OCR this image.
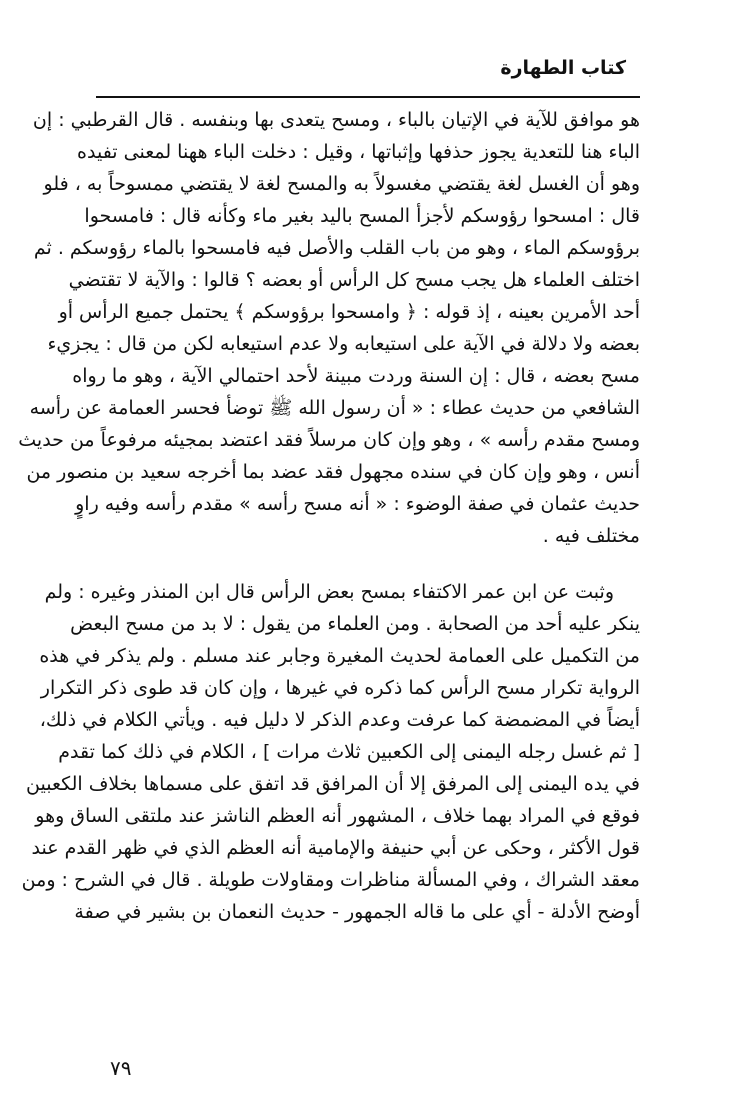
كتاب الطهارة
هو موافق للآية في الإتيان بالباء ، ومسح يتعدى بها وبنفسه . قال القرطبي : إن
الباء هنا للتعدية يجوز حذفها وإثباتها ، وقيل : دخلت الباء ههنا لمعنى تفيده
وهو أن الغسل لغة يقتضي مغسولاً به والمسح لغة لا يقتضي ممسوحاً به ، فلو
قال : امسحوا رؤوسكم لأجزأ المسح باليد بغير ماء وكأنه قال : فامسحوا
برؤوسكم الماء ، وهو من باب القلب والأصل فيه فامسحوا بالماء رؤوسكم . ثم
اختلف العلماء هل يجب مسح كل الرأس أو بعضه ؟ قالوا : والآية لا تقتضي
أحد الأمرين بعينه ، إذ قوله : ﴿ وامسحوا برؤوسكم ﴾ يحتمل جميع الرأس أو
بعضه ولا دلالة في الآية على استيعابه ولا عدم استيعابه لكن من قال : يجزيء
مسح بعضه ، قال : إن السنة وردت مبينة لأحد احتمالي الآية ، وهو ما رواه
الشافعي من حديث عطاء : « أن رسول الله ﷺ توضأ فحسر العمامة عن رأسه
ومسح مقدم رأسه » ، وهو وإن كان مرسلاً فقد اعتضد بمجيئه مرفوعاً من حديث
أنس ، وهو وإن كان في سنده مجهول فقد عضد بما أخرجه سعيد بن منصور من
حديث عثمان في صفة الوضوء : « أنه مسح رأسه » مقدم رأسه وفيه راوٍ
مختلف فيه .
وثبت عن ابن عمر الاكتفاء بمسح بعض الرأس قال ابن المنذر وغيره : ولم
ينكر عليه أحد من الصحابة . ومن العلماء من يقول : لا بد من مسح البعض
من التكميل على العمامة لحديث المغيرة وجابر عند مسلم . ولم يذكر في هذه
الرواية تكرار مسح الرأس كما ذكره في غيرها ، وإن كان قد طوى ذكر التكرار
أيضاً في المضمضة كما عرفت وعدم الذكر لا دليل فيه . ويأتي الكلام في ذلك،
[ ثم غسل رجله اليمنى إلى الكعبين ثلاث مرات ] ، الكلام في ذلك كما تقدم
في يده اليمنى إلى المرفق إلا أن المرافق قد اتفق على مسماها بخلاف الكعبين
فوقع في المراد بهما خلاف ، المشهور أنه العظم الناشز عند ملتقى الساق وهو
قول الأكثر ، وحكى عن أبي حنيفة والإمامية أنه العظم الذي في ظهر القدم عند
معقد الشراك ، وفي المسألة مناظرات ومقاولات طويلة . قال في الشرح : ومن
أوضح الأدلة - أي على ما قاله الجمهور - حديث النعمان بن بشير في صفة
٧٩
